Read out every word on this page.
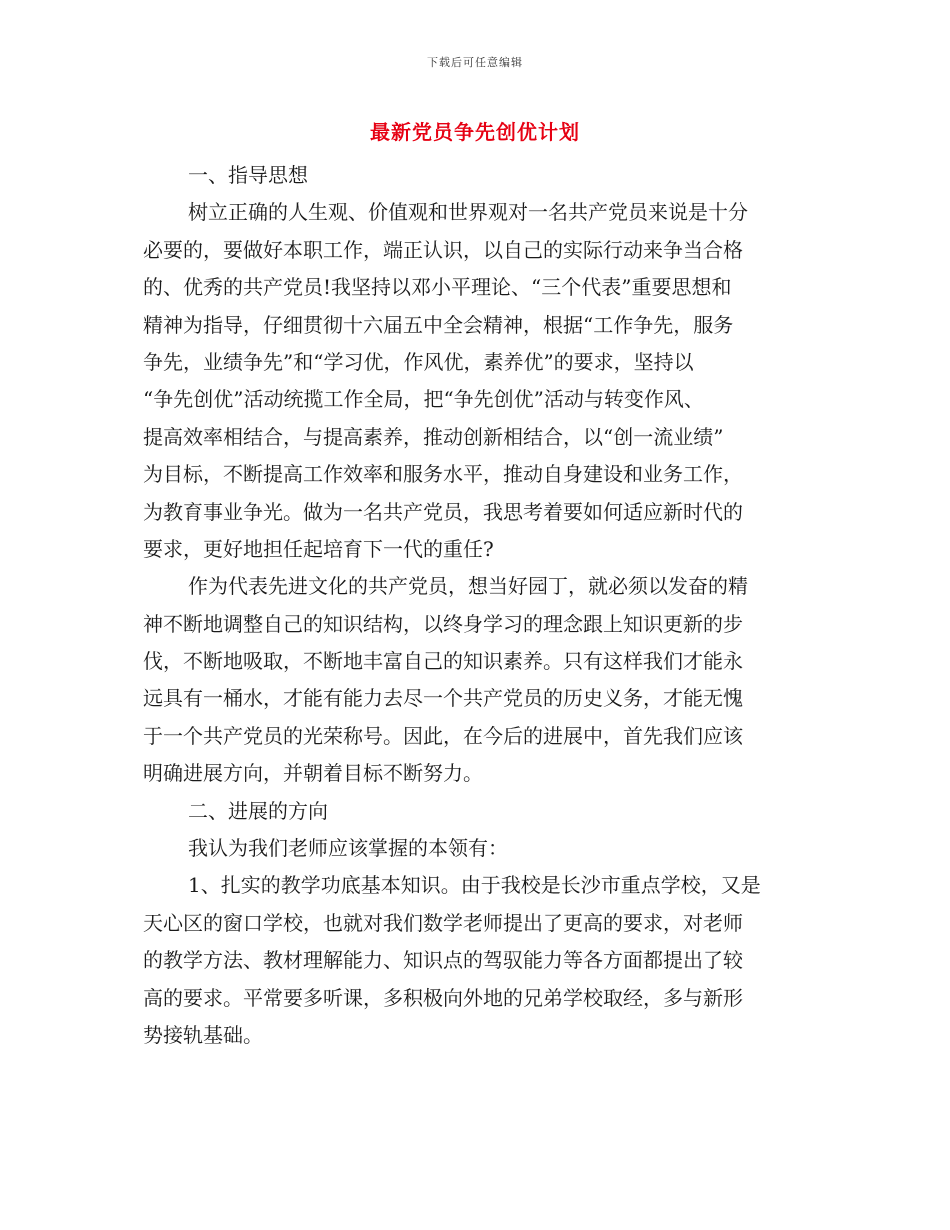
下载后可任意编辑
最新党员争先创优计划
一、指导思想
树立正确的人生观、价值观和世界观对一名共产党员来说是十分
必要的，要做好本职工作，端正认识，以自己的实际行动来争当合格
的、优秀的共产党员!我坚持以邓小平理论、“三个代表”重要思想和
精神为指导，仔细贯彻十六届五中全会精神，根据“工作争先，服务
争先，业绩争先”和“学习优，作风优，素养优”的要求，坚持以
“争先创优”活动统揽工作全局，把“争先创优”活动与转变作风、
提高效率相结合，与提高素养，推动创新相结合，以“创一流业绩”
为目标，不断提高工作效率和服务水平，推动自身建设和业务工作，
为教育事业争光。做为一名共产党员，我思考着要如何适应新时代的
要求，更好地担任起培育下一代的重任?
作为代表先进文化的共产党员，想当好园丁，就必须以发奋的精
神不断地调整自己的知识结构，以终身学习的理念跟上知识更新的步
伐，不断地吸取，不断地丰富自己的知识素养。只有这样我们才能永
远具有一桶水，才能有能力去尽一个共产党员的历史义务，才能无愧
于一个共产党员的光荣称号。因此，在今后的进展中，首先我们应该
明确进展方向，并朝着目标不断努力。
二、进展的方向
我认为我们老师应该掌握的本领有：
1、扎实的教学功底基本知识。由于我校是长沙市重点学校，又是
天心区的窗口学校，也就对我们数学老师提出了更高的要求，对老师
的教学方法、教材理解能力、知识点的驾驭能力等各方面都提出了较
高的要求。平常要多听课，多积极向外地的兄弟学校取经，多与新形
势接轨基础。
